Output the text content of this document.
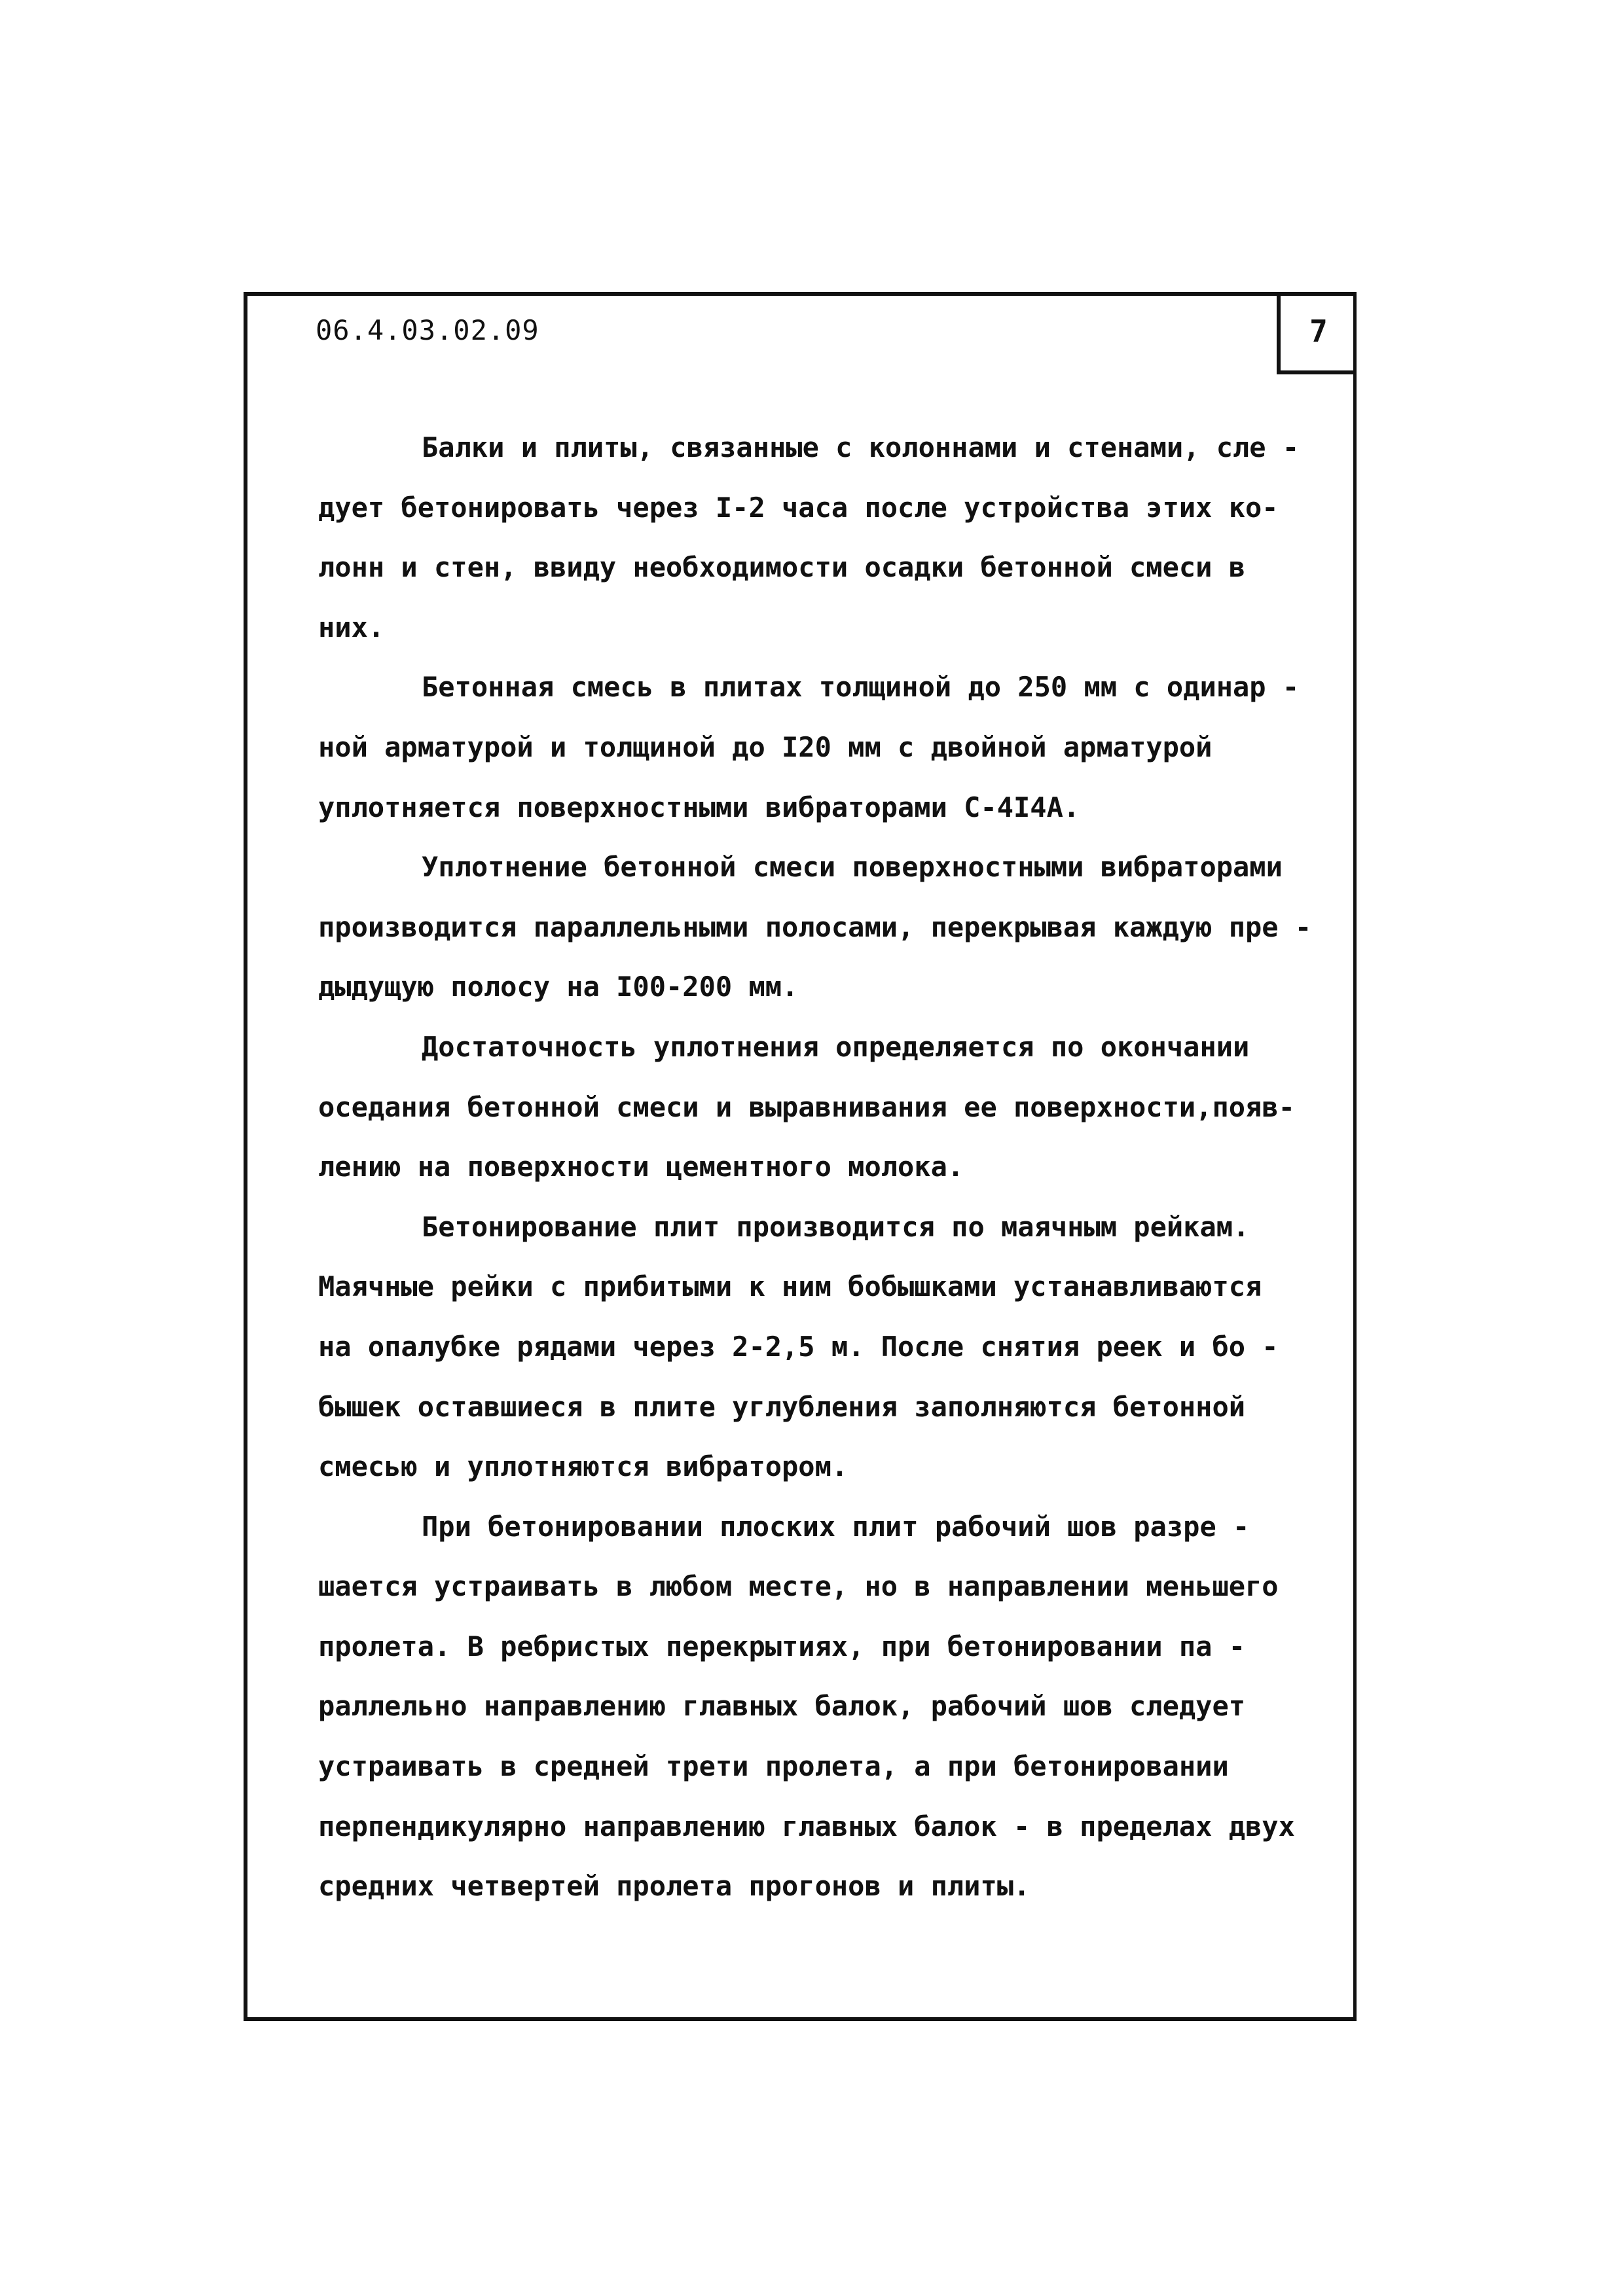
06.4.03.02.09	7
Балки и плиты, связанные с колоннами и стенами, сле -
дует бетонировать через I-2 часа после устройства этих ко-
лонн и стен, ввиду необходимости осадки бетонной смеси в
них.
Бетонная смесь в плитах толщиной до 250 мм с одинар -
ной арматурой и толщиной до I20 мм с двойной арматурой
уплотняется поверхностными вибраторами С-4I4А.
Уплотнение бетонной смеси поверхностными вибраторами
производится параллельными полосами, перекрывая каждую пре -
дыдущую полосу на I00-200 мм.
Достаточность уплотнения определяется по окончании
оседания бетонной смеси и выравнивания ее поверхности,появ-
лению на поверхности цементного молока.
Бетонирование плит производится по маячным рейкам.
Маячные рейки с прибитыми к ним бобышками устанавливаются
на опалубке рядами через 2-2,5 м. После снятия реек и бо -
бышек оставшиеся в плите углубления заполняются бетонной
смесью и уплотняются вибратором.
При бетонировании плоских плит рабочий шов разре -
шается устраивать в любом месте, но в направлении меньшего
пролета. В ребристых перекрытиях, при бетонировании па -
раллельно направлению главных балок, рабочий шов следует
устраивать в средней трети пролета, а при бетонировании
перпендикулярно направлению главных балок - в пределах двух
средних четвертей пролета прогонов и плиты.
